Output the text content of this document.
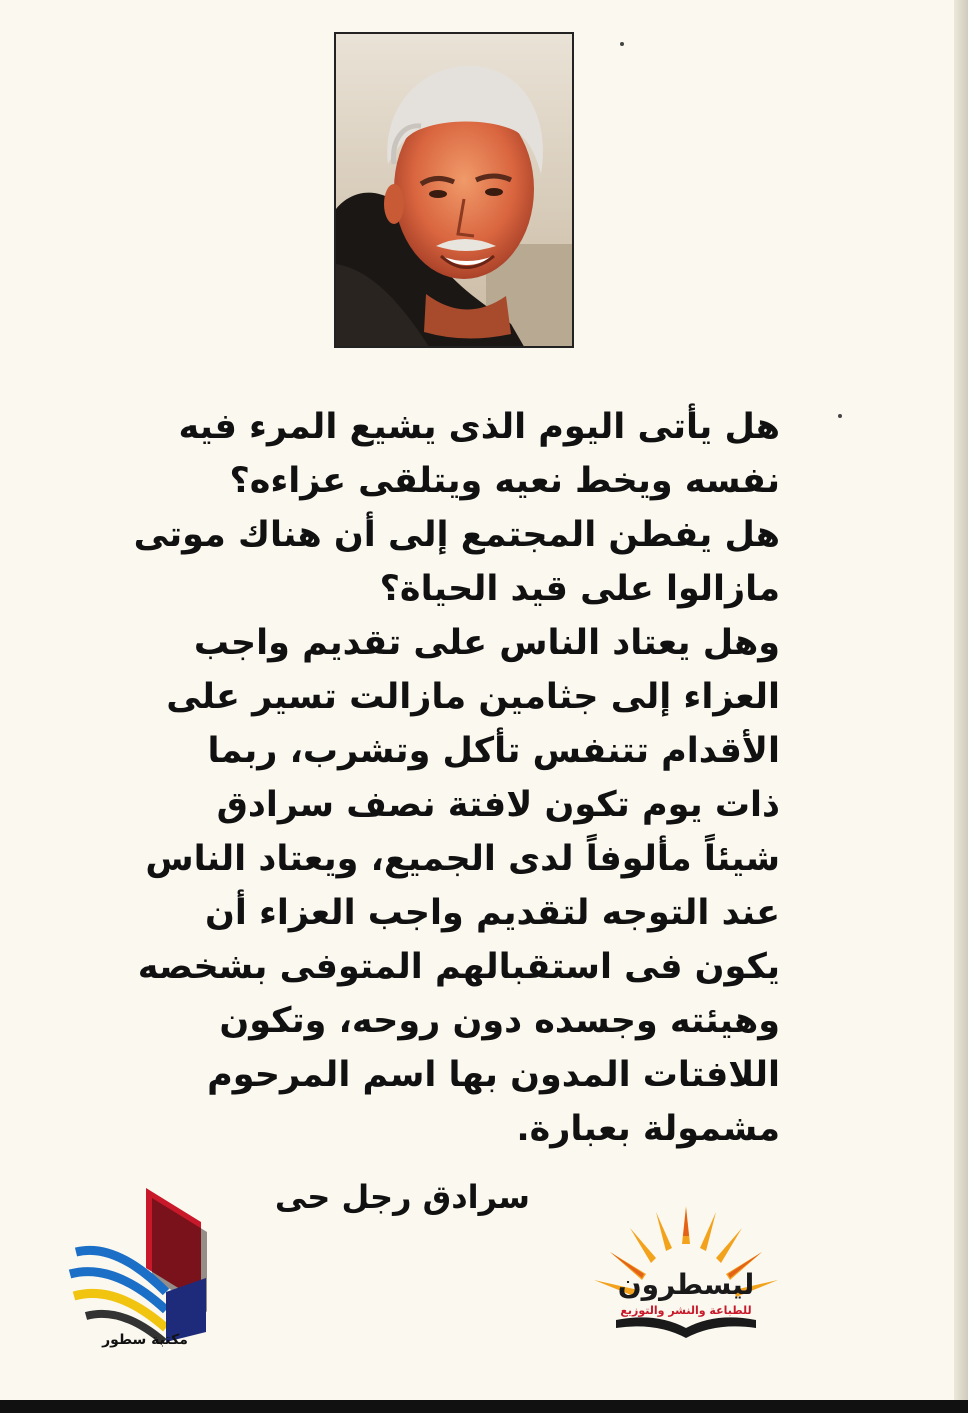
هل يأتى اليوم الذى يشيع المرء فيه
نفسه ويخط نعيه ويتلقى عزاءه؟
هل يفطن المجتمع إلى أن هناك موتى
مازالوا على قيد الحياة؟
وهل يعتاد الناس على تقديم واجب
العزاء إلى جثامين مازالت تسير على
الأقدام تتنفس تأكل وتشرب، ربما
ذات يوم تكون لافتة نصف سرادق
شيئاً مألوفاً لدى الجميع، ويعتاد الناس
عند التوجه لتقديم واجب العزاء أن
يكون فى استقبالهم المتوفى بشخصه
وهيئته وجسده دون روحه، وتكون
اللافتات المدون بها اسم المرحوم
مشمولة بعبارة.
سرادق رجل حى
مكتبة سطور
ليسطرون
للطباعة والنشر والتوزيع
